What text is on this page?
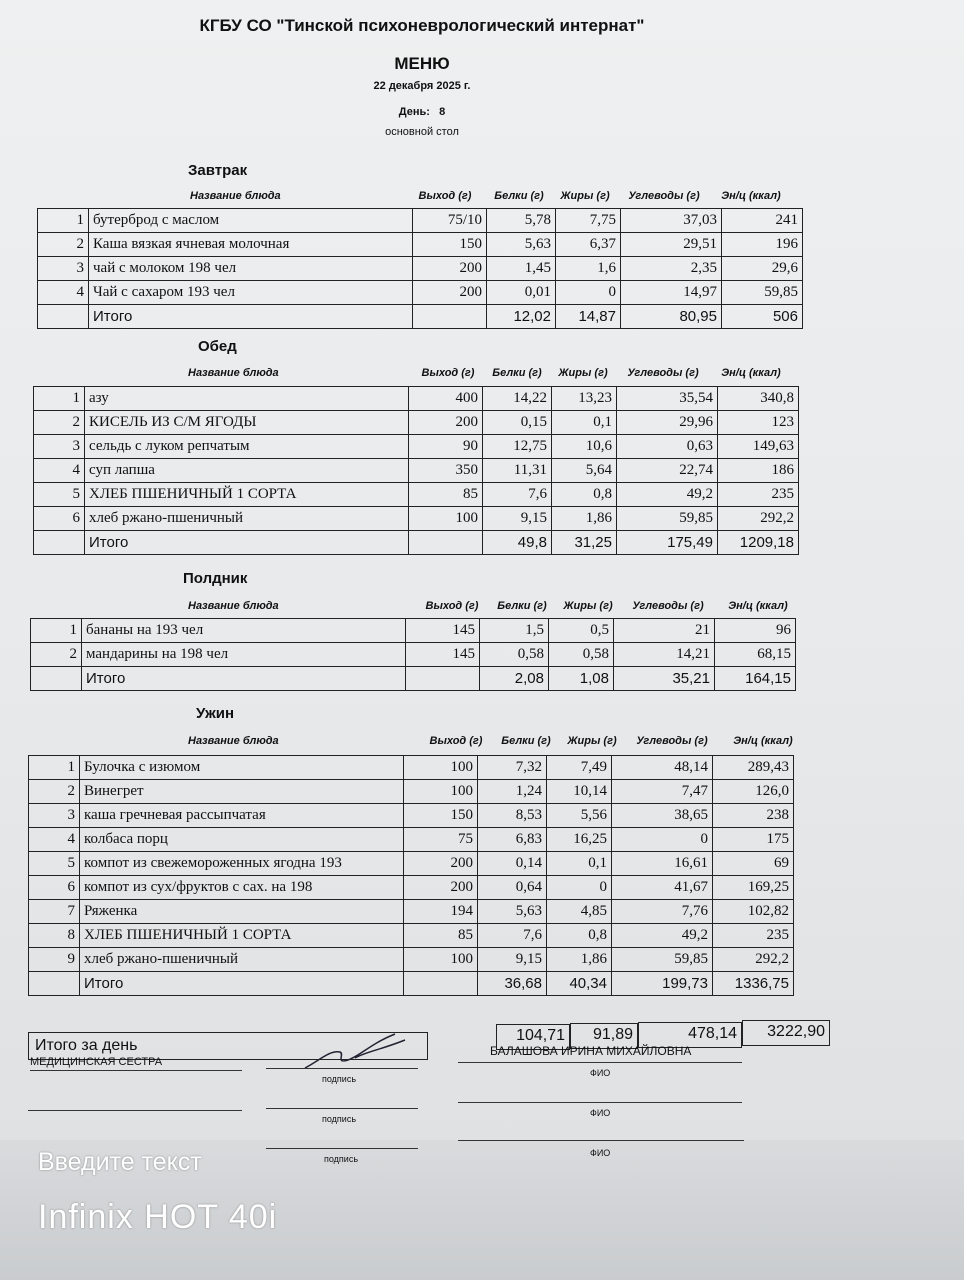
КГБУ СО "Тинской психоневрологический интернат"
МЕНЮ
22 декабря 2025 г.
День: 8
основной стол
Завтрак
Название блюда	Выход (г)	Белки (г)	Жиры (г)	Углеводы (г)	Эн/ц (ккал)
1	бутерброд с маслом	75/10	5,78	7,75	37,03	241
2	Каша вязкая ячневая молочная	150	5,63	6,37	29,51	196
3	чай с молоком 198 чел	200	1,45	1,6	2,35	29,6
4	Чай с сахаром 193 чел	200	0,01	0	14,97	59,85
	Итого		12,02	14,87	80,95	506
Обед
Название блюда	Выход (г)	Белки (г)	Жиры (г)	Углеводы (г)	Эн/ц (ккал)
1	азу	400	14,22	13,23	35,54	340,8
2	КИСЕЛЬ ИЗ С/М ЯГОДЫ	200	0,15	0,1	29,96	123
3	сельдь с луком репчатым	90	12,75	10,6	0,63	149,63
4	суп лапша	350	11,31	5,64	22,74	186
5	ХЛЕБ ПШЕНИЧНЫЙ 1 СОРТА	85	7,6	0,8	49,2	235
6	хлеб ржано-пшеничный	100	9,15	1,86	59,85	292,2
	Итого		49,8	31,25	175,49	1209,18
Полдник
Название блюда	Выход (г)	Белки (г)	Жиры (г)	Углеводы (г)	Эн/ц (ккал)
1	бананы на 193 чел	145	1,5	0,5	21	96
2	мандарины на 198 чел	145	0,58	0,58	14,21	68,15
	Итого		2,08	1,08	35,21	164,15
Ужин
Название блюда	Выход (г)	Белки (г)	Жиры (г)	Углеводы (г)	Эн/ц (ккал)
1	Булочка с изюмом	100	7,32	7,49	48,14	289,43
2	Винегрет	100	1,24	10,14	7,47	126,0
3	каша гречневая рассыпчатая	150	8,53	5,56	38,65	238
4	колбаса порц	75	6,83	16,25	0	175
5	компот из свежемороженных ягодна 193	200	0,14	0,1	16,61	69
6	компот из сух/фруктов с сах. на 198	200	0,64	0	41,67	169,25
7	Ряженка	194	5,63	4,85	7,76	102,82
8	ХЛЕБ ПШЕНИЧНЫЙ 1 СОРТА	85	7,6	0,8	49,2	235
9	хлеб ржано-пшеничный	100	9,15	1,86	59,85	292,2
	Итого		36,68	40,34	199,73	1336,75
Итого за день
104,71	91,89	478,14	3222,90
МЕДИЦИНСКАЯ СЕСТРА
БАЛАШОВА ИРИНА МИХАЙЛОВНА
подпись
ФИО
подпись
ФИО
подпись
ФИО
Введите текст
Infinix HOT 40i
